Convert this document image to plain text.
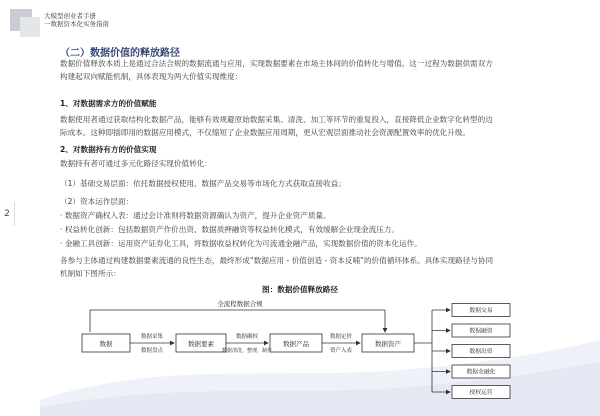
大模型创业者手册
一数据资本化实务指南
2
（二）数据价值的释放路径
数据价值释放本质上是通过合法合规的数据流通与应用，实现数据要素在市场主体间的价值转化与增值。这一过程为数据供需双方
构建起双向赋能机制，具体表现为两大价值实现维度：
1、对数据需求方的价值赋能
数据使用者通过获取结构化数据产品，能够有效规避原始数据采集、清洗、加工等环节的重复投入，直接降低企业数字化转型的边
际成本。这种即插即用的数据应用模式，不仅缩短了企业数据应用周期，更从宏观层面推动社会资源配置效率的优化升级。
2、对数据持有方的价值实现
数据持有者可通过多元化路径实现价值转化：
（1）基础交易层面：依托数据授权使用、数据产品交易等市场化方式获取直接收益；
（2）资本运作层面：
· 数据资产确权入表：通过会计准则将数据资源确认为资产，提升企业资产质量。
· 权益转化创新：包括数据资产作价出资、数据质押融资等权益转化模式，有效缓解企业现金流压力。
· 金融工具创新：运用资产证券化工具，将数据收益权转化为可流通金融产品，实现数据价值的资本化运作。
各参与主体通过构建数据要素流通的良性生态，最终形成“数据应用 - 价值创造 - 资本反哺”的价值循环体系。具体实现路径与协同
机制如下图所示：
图：数据价值释放路径
全流程数据合规
数据	数据要素	数据产品	数据资产
数据采集
数据盘点
数据确权
数据清洗，整理，制作
数据定价
资产入表
数据交易
数据融资
数据出资
数据金融化
授权运营
